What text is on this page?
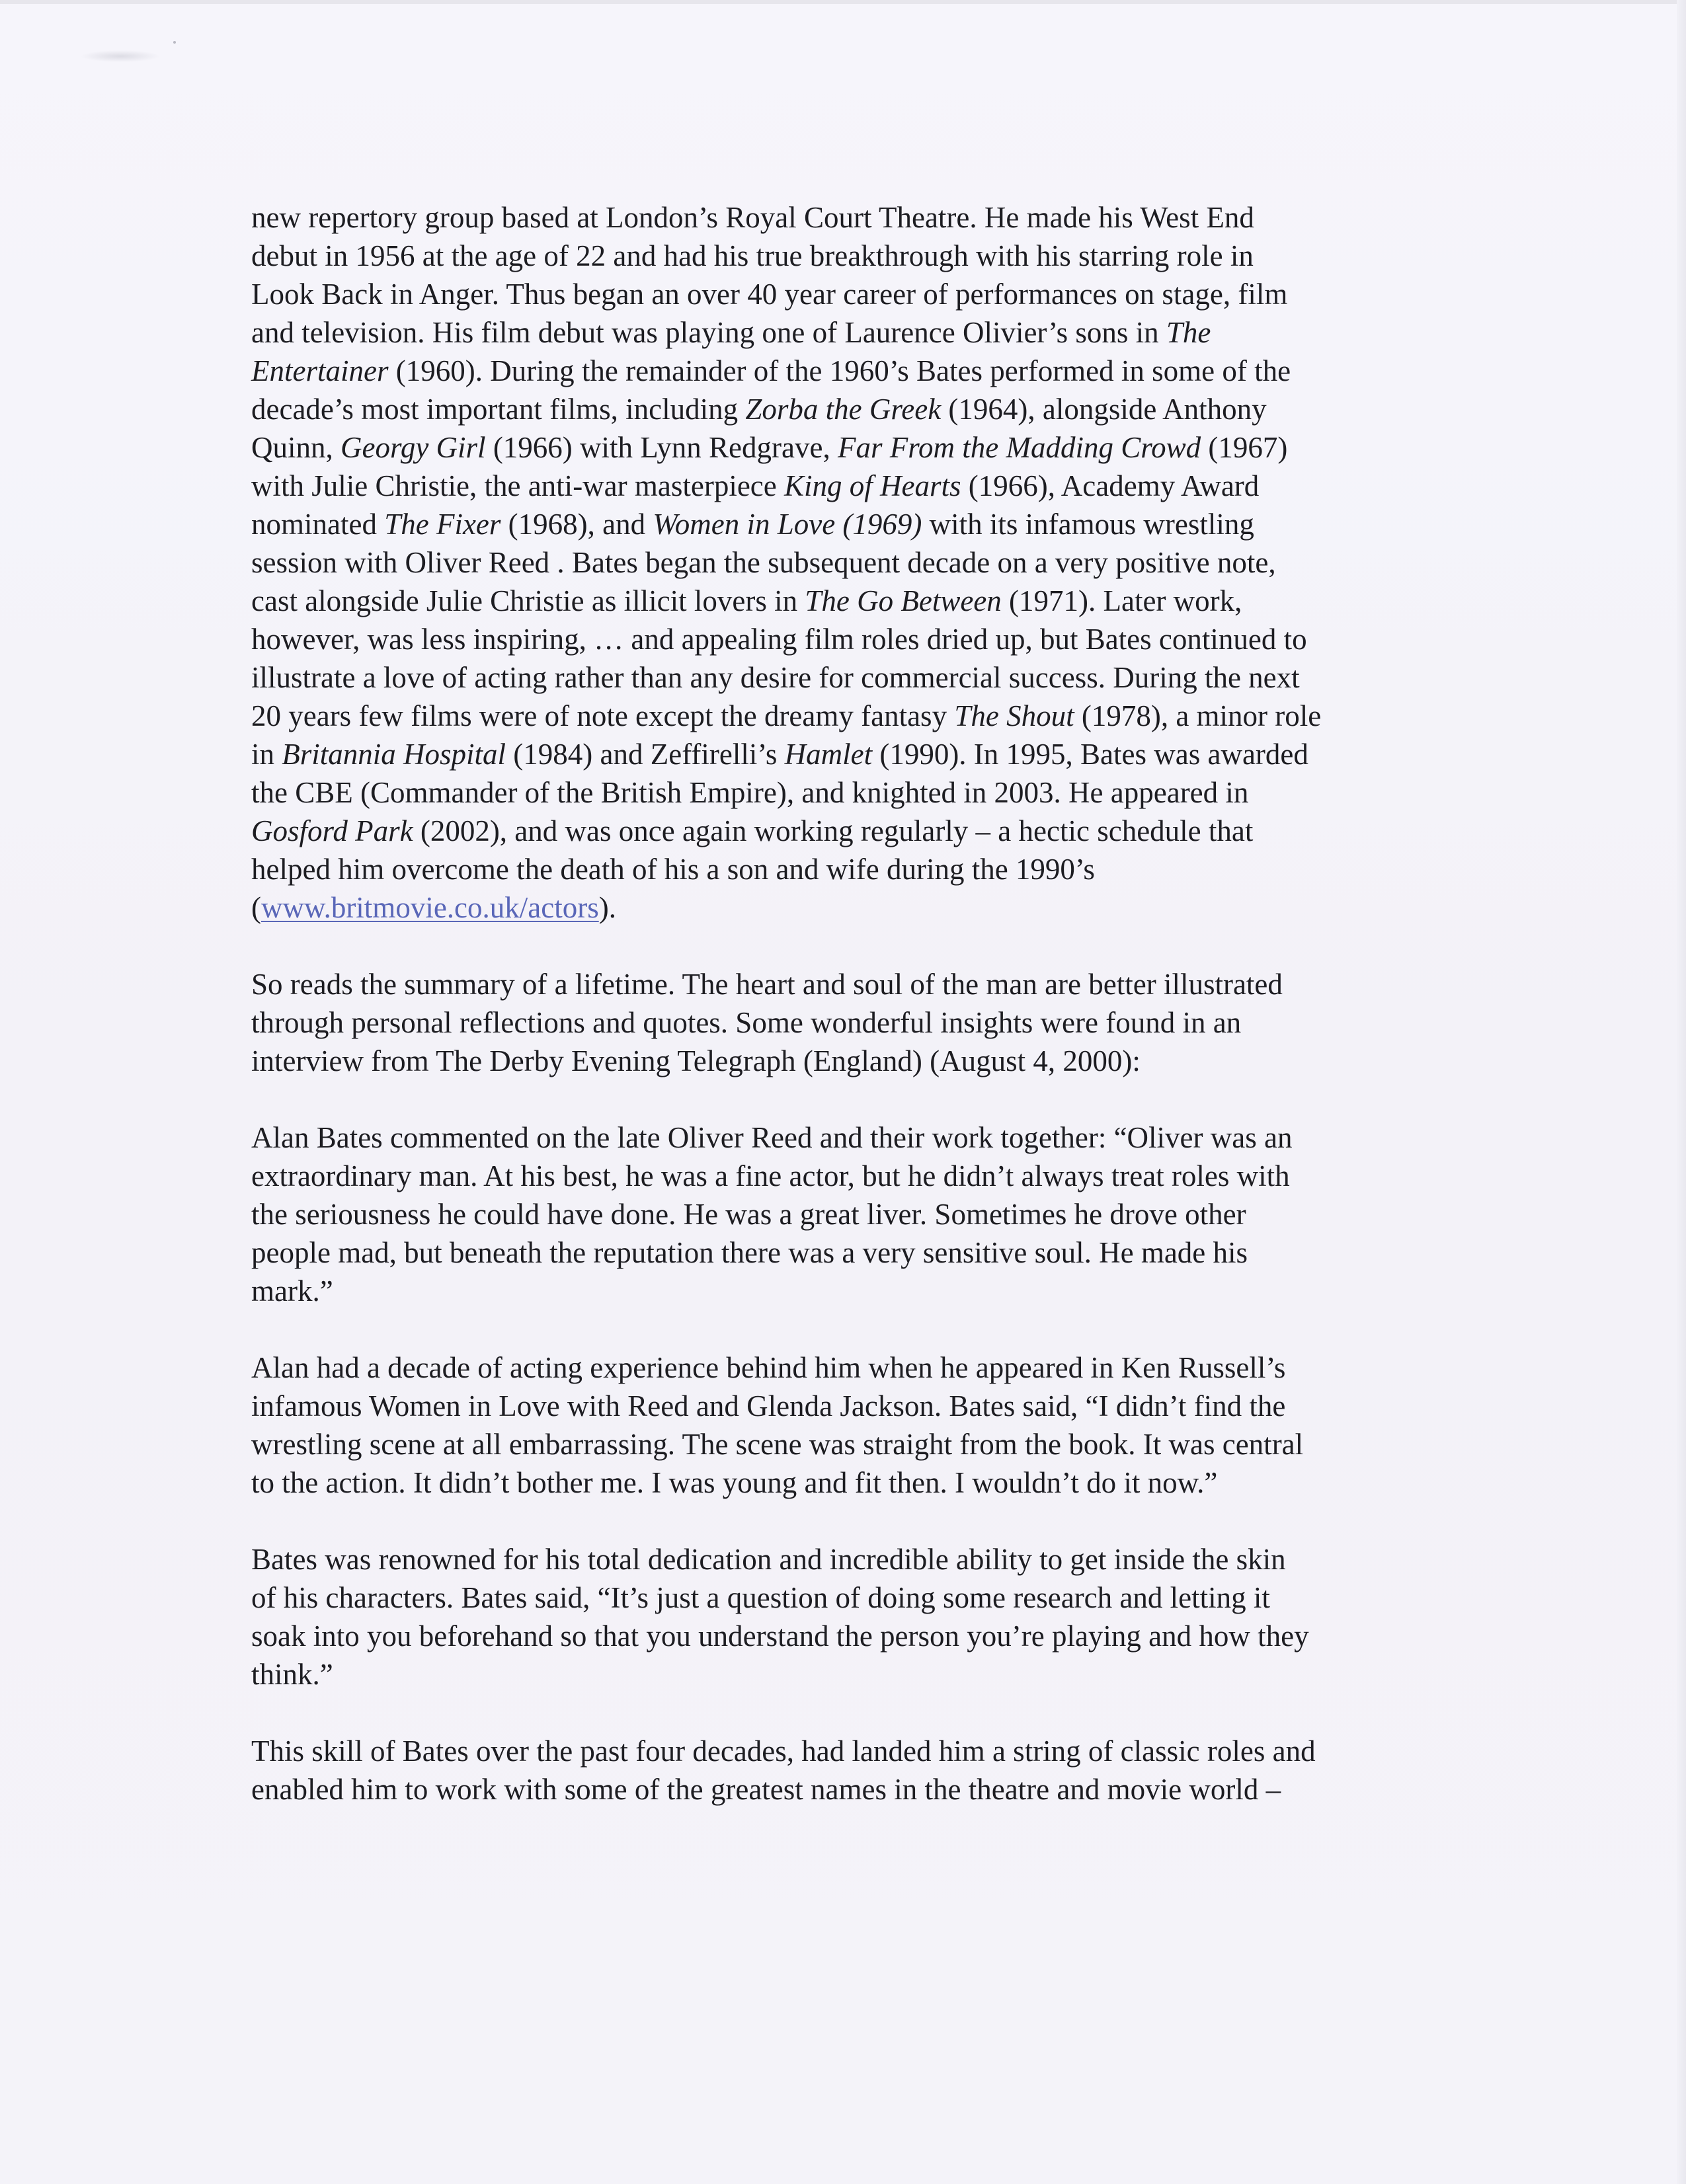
new repertory group based at London’s Royal Court Theatre. He made his West End
debut in 1956 at the age of 22 and had his true breakthrough with his starring role in
Look Back in Anger. Thus began an over 40 year career of performances on stage, film
and television. His film debut was playing one of Laurence Olivier’s sons in The
Entertainer (1960). During the remainder of the 1960’s Bates performed in some of the
decade’s most important films, including Zorba the Greek (1964), alongside Anthony
Quinn, Georgy Girl (1966) with Lynn Redgrave, Far From the Madding Crowd (1967)
with Julie Christie, the anti-war masterpiece King of Hearts (1966), Academy Award
nominated The Fixer (1968), and Women in Love (1969) with its infamous wrestling
session with Oliver Reed . Bates began the subsequent decade on a very positive note,
cast alongside Julie Christie as illicit lovers in The Go Between (1971). Later work,
however, was less inspiring, … and appealing film roles dried up, but Bates continued to
illustrate a love of acting rather than any desire for commercial success. During the next
20 years few films were of note except the dreamy fantasy The Shout (1978), a minor role
in Britannia Hospital (1984) and Zeffirelli’s Hamlet (1990). In 1995, Bates was awarded
the CBE (Commander of the British Empire), and knighted in 2003. He appeared in
Gosford Park (2002), and was once again working regularly – a hectic schedule that
helped him overcome the death of his a son and wife during the 1990’s
(www.britmovie.co.uk/actors).
So reads the summary of a lifetime. The heart and soul of the man are better illustrated
through personal reflections and quotes. Some wonderful insights were found in an
interview from The Derby Evening Telegraph (England) (August 4, 2000):
Alan Bates commented on the late Oliver Reed and their work together: “Oliver was an
extraordinary man. At his best, he was a fine actor, but he didn’t always treat roles with
the seriousness he could have done. He was a great liver. Sometimes he drove other
people mad, but beneath the reputation there was a very sensitive soul. He made his
mark.”
Alan had a decade of acting experience behind him when he appeared in Ken Russell’s
infamous Women in Love with Reed and Glenda Jackson. Bates said, “I didn’t find the
wrestling scene at all embarrassing. The scene was straight from the book. It was central
to the action. It didn’t bother me. I was young and fit then. I wouldn’t do it now.”
Bates was renowned for his total dedication and incredible ability to get inside the skin
of his characters. Bates said, “It’s just a question of doing some research and letting it
soak into you beforehand so that you understand the person you’re playing and how they
think.”
This skill of Bates over the past four decades, had landed him a string of classic roles and
enabled him to work with some of the greatest names in the theatre and movie world –
